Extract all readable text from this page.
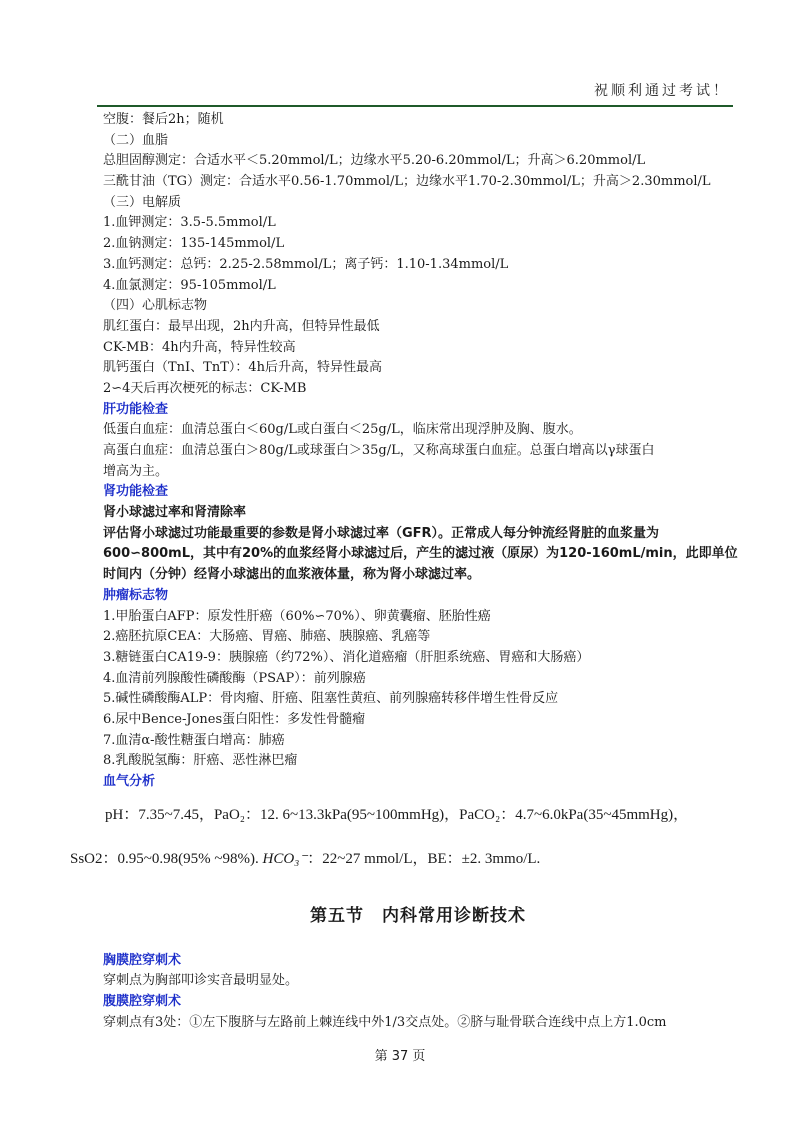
祝顺利通过考试！
空腹：餐后2h；随机
（二）血脂
总胆固醇测定：合适水平＜5.20mmol/L；边缘水平5.20-6.20mmol/L；升高＞6.20mmol/L
三酰甘油（TG）测定：合适水平0.56-1.70mmol/L；边缘水平1.70-2.30mmol/L；升高＞2.30mmol/L
（三）电解质
1.血钾测定：3.5-5.5mmol/L
2.血钠测定：135-145mmol/L
3.血钙测定：总钙：2.25-2.58mmol/L；离子钙：1.10-1.34mmol/L
4.血氯测定：95-105mmol/L
（四）心肌标志物
肌红蛋白：最早出现，2h内升高，但特异性最低
CK-MB：4h内升高，特异性较高
肌钙蛋白（TnI、TnT）：4h后升高，特异性最高
2∽4天后再次梗死的标志：CK-MB
肝功能检查
低蛋白血症：血清总蛋白＜60g/L或白蛋白＜25g/L，临床常出现浮肿及胸、腹水。
高蛋白血症：血清总蛋白＞80g/L或球蛋白＞35g/L，又称高球蛋白血症。总蛋白增高以γ球蛋白
增高为主。
肾功能检查
肾小球滤过率和肾清除率
评估肾小球滤过功能最重要的参数是肾小球滤过率（GFR）。正常成人每分钟流经肾脏的血浆量为
600∽800mL，其中有20%的血浆经肾小球滤过后，产生的滤过液（原尿）为120-160mL/min，此即单位
时间内（分钟）经肾小球滤出的血浆液体量，称为肾小球滤过率。
肿瘤标志物
1.甲胎蛋白AFP：原发性肝癌（60%∽70%）、卵黄囊瘤、胚胎性癌
2.癌胚抗原CEA：大肠癌、胃癌、肺癌、胰腺癌、乳癌等
3.糖链蛋白CA19-9：胰腺癌（约72%）、消化道癌瘤（肝胆系统癌、胃癌和大肠癌）
4.血清前列腺酸性磷酸酶（PSAP）：前列腺癌
5.碱性磷酸酶ALP：骨肉瘤、肝癌、阻塞性黄疸、前列腺癌转移伴增生性骨反应
6.尿中Bence-Jones蛋白阳性：多发性骨髓瘤
7.血清α-酸性糖蛋白增高：肺癌
8.乳酸脱氢酶：肝癌、恶性淋巴瘤
血气分析
pH：7.35~7.45，PaO₂：12. 6~13.3kPa(95~100mmHg)，PaCO₂：4.7~6.0kPa(35~45mmHg)，
SsO2：0.95~0.98(95% ~98%). HCO₃⁻：22~27 mmol/L，BE：±2. 3mmo/L.
第五节　内科常用诊断技术
胸膜腔穿刺术
穿刺点为胸部叩诊实音最明显处。
腹膜腔穿刺术
穿刺点有3处：①左下腹脐与左路前上棘连线中外1/3交点处。②脐与耻骨联合连线中点上方1.0cm
第 37 页
